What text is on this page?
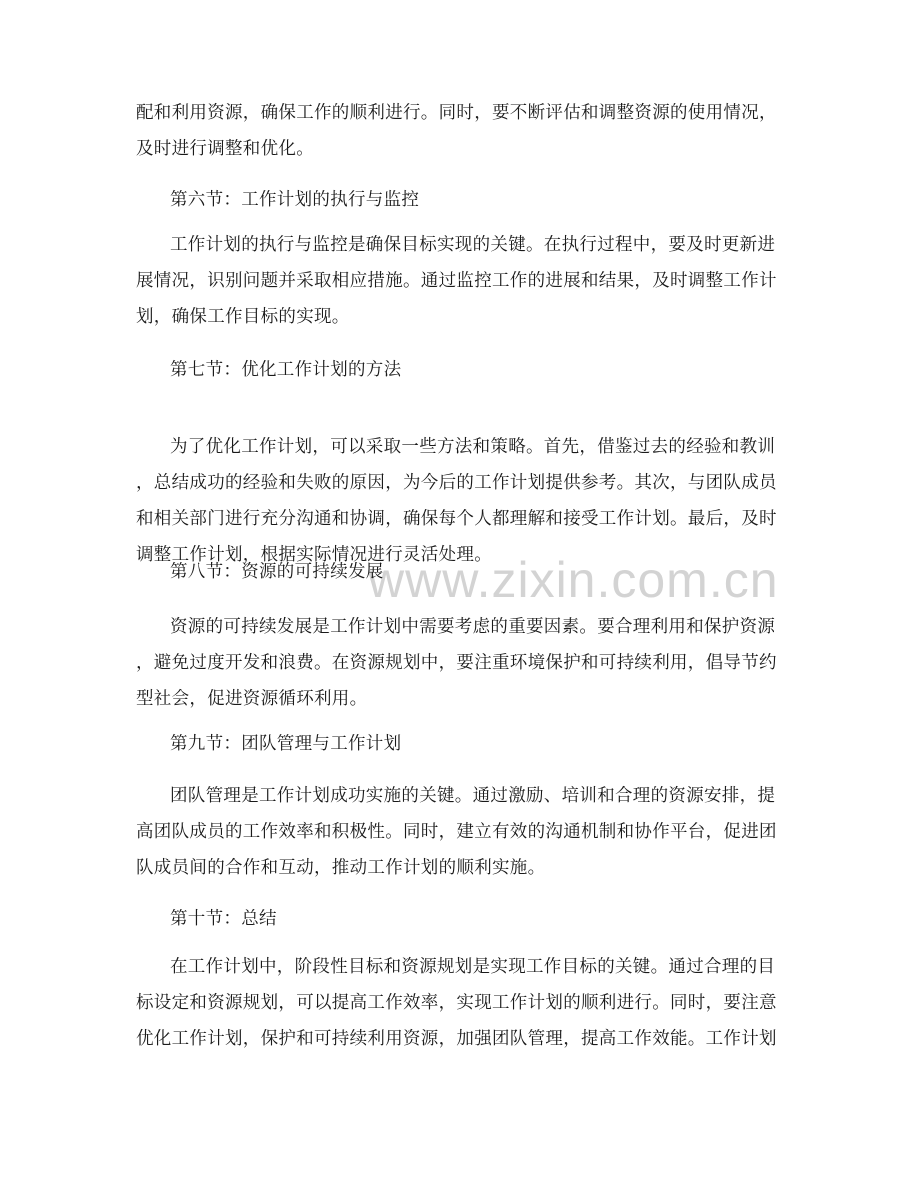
www.zixin.com.cn
配和利用资源，确保工作的顺利进行。同时，要不断评估和调整资源的使用情况，
及时进行调整和优化。
第六节：工作计划的执行与监控
工作计划的执行与监控是确保目标实现的关键。在执行过程中，要及时更新进
展情况，识别问题并采取相应措施。通过监控工作的进展和结果，及时调整工作计
划，确保工作目标的实现。
第七节：优化工作计划的方法
为了优化工作计划，可以采取一些方法和策略。首先，借鉴过去的经验和教训
，总结成功的经验和失败的原因，为今后的工作计划提供参考。其次，与团队成员
和相关部门进行充分沟通和协调，确保每个人都理解和接受工作计划。最后，及时
调整工作计划，根据实际情况进行灵活处理。
第八节：资源的可持续发展
资源的可持续发展是工作计划中需要考虑的重要因素。要合理利用和保护资源
，避免过度开发和浪费。在资源规划中，要注重环境保护和可持续利用，倡导节约
型社会，促进资源循环利用。
第九节：团队管理与工作计划
团队管理是工作计划成功实施的关键。通过激励、培训和合理的资源安排，提
高团队成员的工作效率和积极性。同时，建立有效的沟通机制和协作平台，促进团
队成员间的合作和互动，推动工作计划的顺利实施。
第十节：总结
在工作计划中，阶段性目标和资源规划是实现工作目标的关键。通过合理的目
标设定和资源规划，可以提高工作效率，实现工作计划的顺利进行。同时，要注意
优化工作计划，保护和可持续利用资源，加强团队管理，提高工作效能。工作计划
